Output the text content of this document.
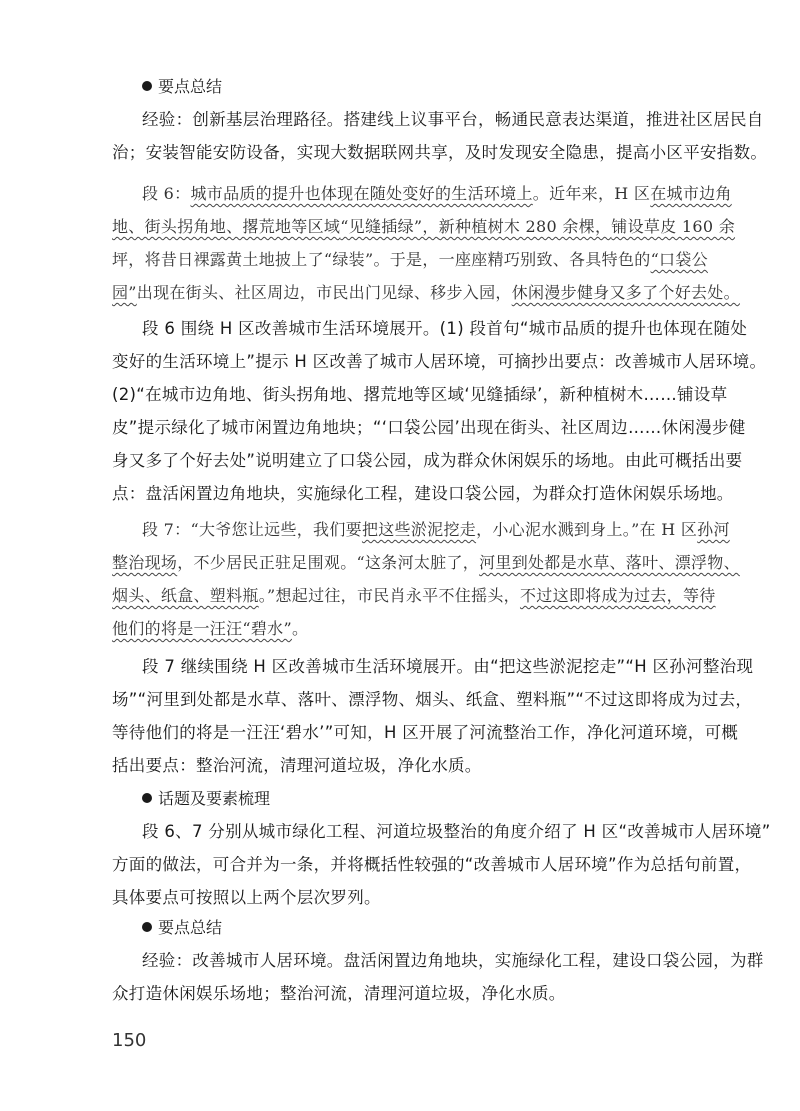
要点总结
经验：创新基层治理路径。搭建线上议事平台，畅通民意表达渠道，推进社区居民自
治；安装智能安防设备，实现大数据联网共享，及时发现安全隐患，提高小区平安指数。
段 6：城市品质的提升也体现在随处变好的生活环境上。近年来，H 区在城市边角
地、街头拐角地、撂荒地等区域“见缝插绿”，新种植树木 280 余棵，铺设草皮 160 余
坪，将昔日裸露黄土地披上了“绿装”。于是，一座座精巧别致、各具特色的“口袋公
园”出现在街头、社区周边，市民出门见绿、移步入园，休闲漫步健身又多了个好去处。
段 6 围绕 H 区改善城市生活环境展开。(1) 段首句“城市品质的提升也体现在随处
变好的生活环境上”提示 H 区改善了城市人居环境，可摘抄出要点：改善城市人居环境。
(2)“在城市边角地、街头拐角地、撂荒地等区域‘见缝插绿’，新种植树木……铺设草
皮”提示绿化了城市闲置边角地块；“‘口袋公园’出现在街头、社区周边……休闲漫步健
身又多了个好去处”说明建立了口袋公园，成为群众休闲娱乐的场地。由此可概括出要
点：盘活闲置边角地块，实施绿化工程，建设口袋公园，为群众打造休闲娱乐场地。
段 7：“大爷您让远些，我们要把这些淤泥挖走，小心泥水溅到身上。”在 H 区孙河
整治现场，不少居民正驻足围观。“这条河太脏了，河里到处都是水草、落叶、漂浮物、
烟头、纸盒、塑料瓶。”想起过往，市民肖永平不住摇头，不过这即将成为过去，等待
他们的将是一汪汪“碧水”。
段 7 继续围绕 H 区改善城市生活环境展开。由“把这些淤泥挖走”“H 区孙河整治现
场”“河里到处都是水草、落叶、漂浮物、烟头、纸盒、塑料瓶”“不过这即将成为过去，
等待他们的将是一汪汪‘碧水’”可知，H 区开展了河流整治工作，净化河道环境，可概
括出要点：整治河流，清理河道垃圾，净化水质。
话题及要素梳理
段 6、7 分别从城市绿化工程、河道垃圾整治的角度介绍了 H 区“改善城市人居环境”
方面的做法，可合并为一条，并将概括性较强的“改善城市人居环境”作为总括句前置，
具体要点可按照以上两个层次罗列。
要点总结
经验：改善城市人居环境。盘活闲置边角地块，实施绿化工程，建设口袋公园，为群
众打造休闲娱乐场地；整治河流，清理河道垃圾，净化水质。
150
